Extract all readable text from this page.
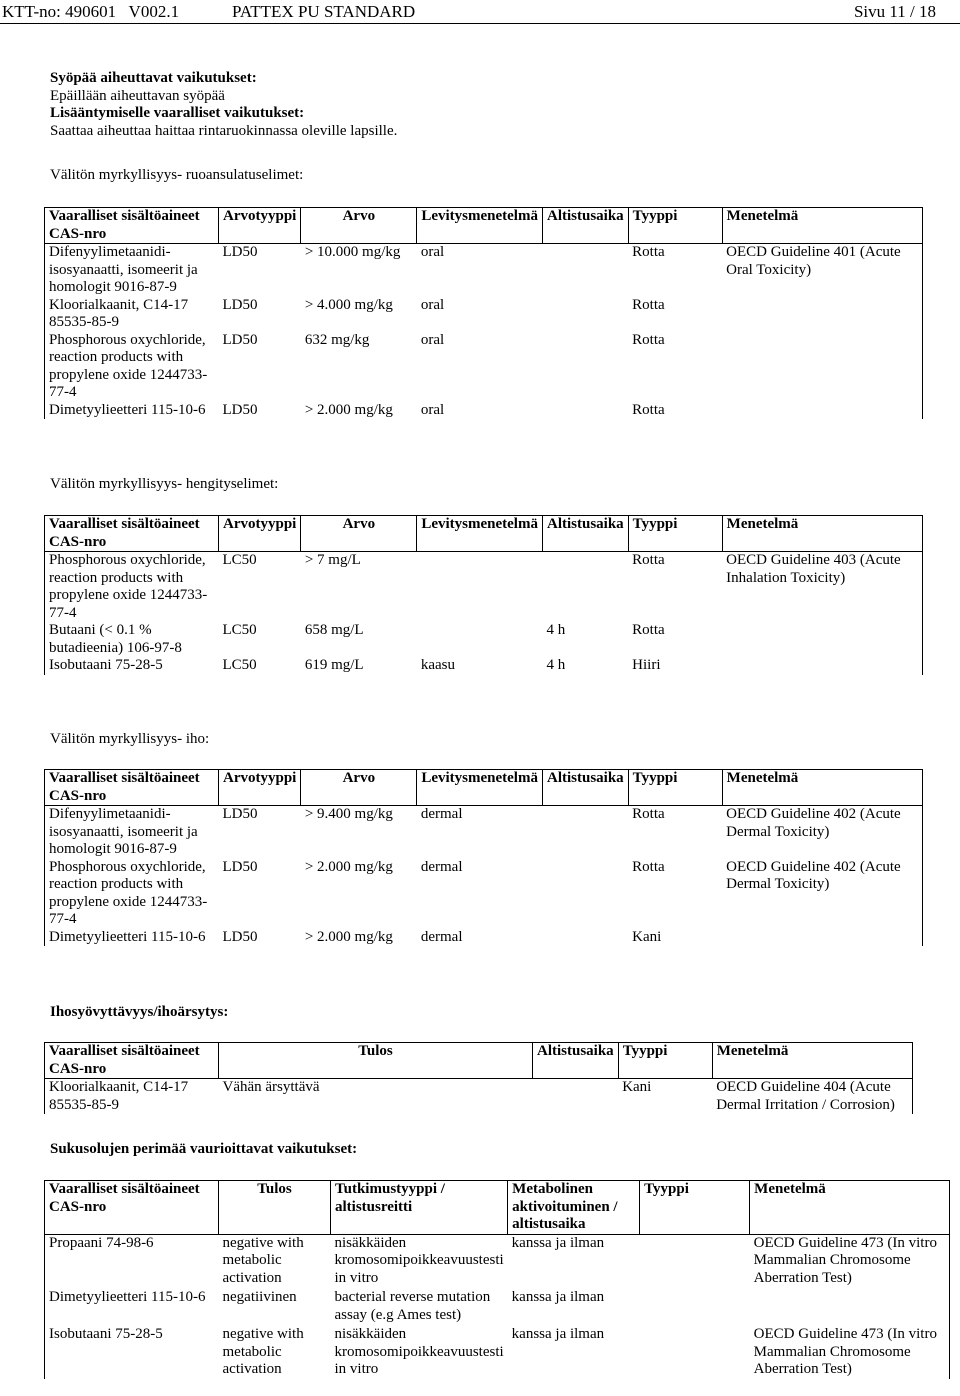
KTT-no: 490601   V002.1	PATTEX PU STANDARD	Sivu 11 / 18
Syöpää aiheuttavat vaikutukset:
Epäillään aiheuttavan syöpää
Lisääntymiselle vaaralliset vaikutukset:
Saattaa aiheuttaa haittaa rintaruokinnassa oleville lapsille.
Välitön myrkyllisyys- ruoansulatuselimet:
Vaaralliset sisältöaineet CAS-nro	Arvotyyppi	Arvo	Levitysmenetelmä	Altistusaika	Tyyppi	Menetelmä
Difenyylimetaanidi-isosyanaatti, isomeerit ja homologit 9016-87-9	LD50	> 10.000 mg/kg	oral		Rotta	OECD Guideline 401 (Acute Oral Toxicity)
Kloorialkaanit, C14-17 85535-85-9	LD50	> 4.000 mg/kg	oral		Rotta	
Phosphorous oxychloride, reaction products with propylene oxide 1244733-77-4	LD50	632 mg/kg	oral		Rotta	
Dimetyylieetteri 115-10-6	LD50	> 2.000 mg/kg	oral		Rotta	
Välitön myrkyllisyys- hengityselimet:
Vaaralliset sisältöaineet CAS-nro	Arvotyyppi	Arvo	Levitysmenetelmä	Altistusaika	Tyyppi	Menetelmä
Phosphorous oxychloride, reaction products with propylene oxide 1244733-77-4	LC50	> 7 mg/L			Rotta	OECD Guideline 403 (Acute Inhalation Toxicity)
Butaani (< 0.1 % butadieenia) 106-97-8	LC50	658 mg/L		4 h	Rotta	
Isobutaani 75-28-5	LC50	619 mg/L	kaasu	4 h	Hiiri	
Välitön myrkyllisyys- iho:
Vaaralliset sisältöaineet CAS-nro	Arvotyyppi	Arvo	Levitysmenetelmä	Altistusaika	Tyyppi	Menetelmä
Difenyylimetaanidi-isosyanaatti, isomeerit ja homologit 9016-87-9	LD50	> 9.400 mg/kg	dermal		Rotta	OECD Guideline 402 (Acute Dermal Toxicity)
Phosphorous oxychloride, reaction products with propylene oxide 1244733-77-4	LD50	> 2.000 mg/kg	dermal		Rotta	OECD Guideline 402 (Acute Dermal Toxicity)
Dimetyylieetteri 115-10-6	LD50	> 2.000 mg/kg	dermal		Kani	
Ihosyövyttävyys/ihoärsytys:
Vaaralliset sisältöaineet CAS-nro	Tulos	Altistusaika	Tyyppi	Menetelmä
Kloorialkaanit, C14-17 85535-85-9	Vähän ärsyttävä		Kani	OECD Guideline 404 (Acute Dermal Irritation / Corrosion)
Sukusolujen perimää vaurioittavat vaikutukset:
Vaaralliset sisältöaineet CAS-nro	Tulos	Tutkimustyyppi / altistusreitti	Metabolinen aktivoituminen / altistusaika	Tyyppi	Menetelmä
Propaani 74-98-6	negative with metabolic activation	nisäkkäiden kromosomipoikkeavuustesti in vitro	kanssa ja ilman		OECD Guideline 473 (In vitro Mammalian Chromosome Aberration Test)
Dimetyylieetteri 115-10-6	negatiivinen	bacterial reverse mutation assay (e.g Ames test)	kanssa ja ilman		
Isobutaani 75-28-5	negative with metabolic activation	nisäkkäiden kromosomipoikkeavuustesti in vitro	kanssa ja ilman		OECD Guideline 473 (In vitro Mammalian Chromosome Aberration Test)
